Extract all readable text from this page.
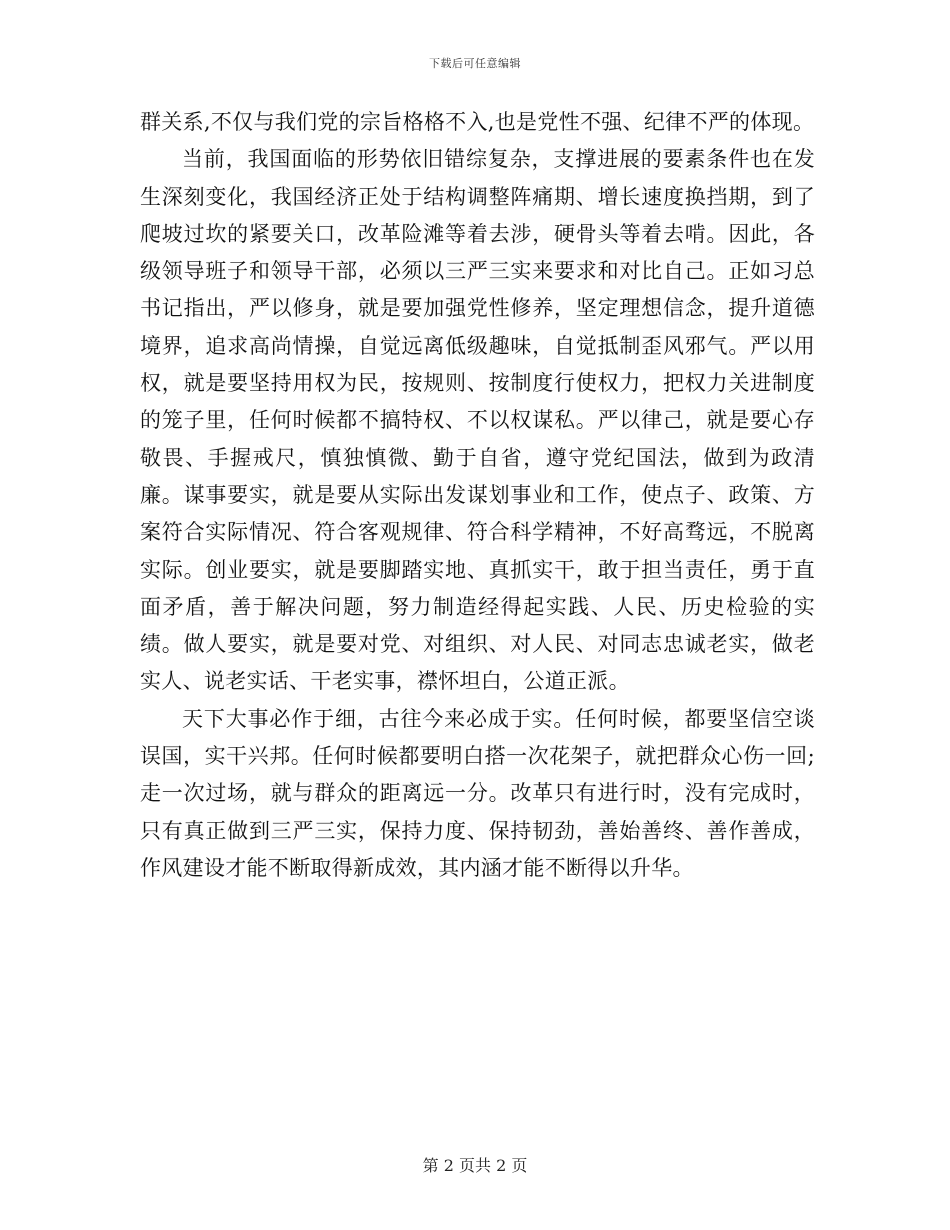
下载后可任意编辑

群关系,不仅与我们党的宗旨格格不入,也是党性不强、纪律不严的体现。

当前，我国面临的形势依旧错综复杂，支撑进展的要素条件也在发生深刻变化，我国经济正处于结构调整阵痛期、增长速度换挡期，到了爬坡过坎的紧要关口，改革险滩等着去涉，硬骨头等着去啃。因此，各级领导班子和领导干部，必须以三严三实来要求和对比自己。正如习总书记指出，严以修身，就是要加强党性修养，坚定理想信念，提升道德境界，追求高尚情操，自觉远离低级趣味，自觉抵制歪风邪气。严以用权，就是要坚持用权为民，按规则、按制度行使权力，把权力关进制度的笼子里，任何时候都不搞特权、不以权谋私。严以律己，就是要心存敬畏、手握戒尺，慎独慎微、勤于自省，遵守党纪国法，做到为政清廉。谋事要实，就是要从实际出发谋划事业和工作，使点子、政策、方案符合实际情况、符合客观规律、符合科学精神，不好高骛远，不脱离实际。创业要实，就是要脚踏实地、真抓实干，敢于担当责任，勇于直面矛盾，善于解决问题，努力制造经得起实践、人民、历史检验的实绩。做人要实，就是要对党、对组织、对人民、对同志忠诚老实，做老实人、说老实话、干老实事，襟怀坦白，公道正派。

天下大事必作于细，古往今来必成于实。任何时候，都要坚信空谈误国，实干兴邦。任何时候都要明白搭一次花架子，就把群众心伤一回;走一次过场，就与群众的距离远一分。改革只有进行时，没有完成时，只有真正做到三严三实，保持力度、保持韧劲，善始善终、善作善成，作风建设才能不断取得新成效，其内涵才能不断得以升华。

第 2 页共 2 页
